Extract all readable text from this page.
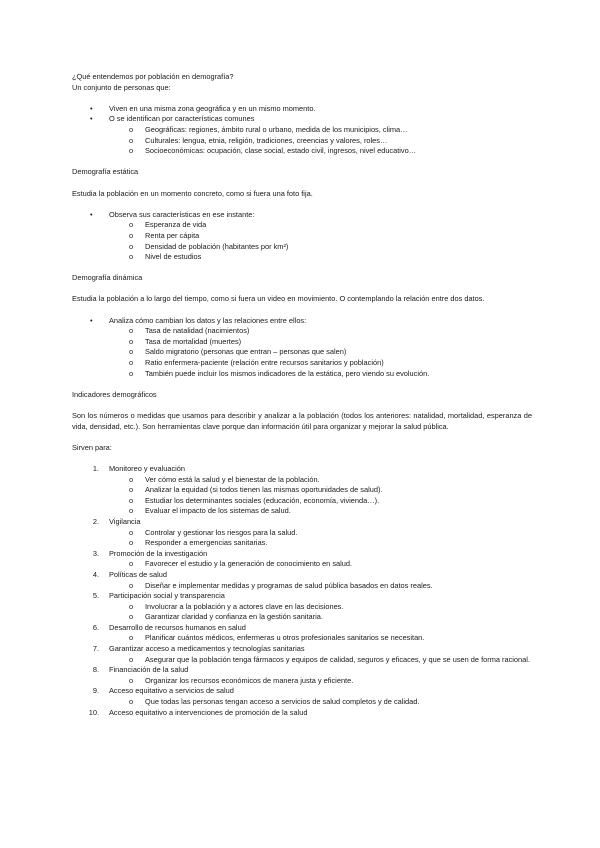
¿Qué entendemos por población en demografía?

Un conjunto de personas que:

•	Viven en una misma zona geográfica y en un mismo momento.
•	O se identifican por características comunes
o Geográficas: regiones, ámbito rural o urbano, medida de los municipios, clima…
o Culturales: lengua, etnia, religión, tradiciones, creencias y valores, roles…
o Socioeconómicas: ocupación, clase social, estado civil, ingresos, nivel educativo…

Demografía estática

Estudia la población en un momento concreto, como si fuera una foto fija.

•	Observa sus características en ese instante:
o Esperanza de vida
o Renta per cápita
o Densidad de población (habitantes por km²)
o Nivel de estudios

Demografía dinámica

Estudia la población a lo largo del tiempo, como si fuera un video en movimiento. O contemplando la relación entre dos datos.

•	Analiza cómo cambian los datos y las relaciones entre ellos:
o Tasa de natalidad (nacimientos)
o Tasa de mortalidad (muertes)
o Saldo migratorio (personas que entran – personas que salen)
o Ratio enfermera-paciente (relación entre recursos sanitarios y población)
o También puede incluir los mismos indicadores de la estática, pero viendo su evolución.

Indicadores demográficos

Son los números o medidas que usamos para describir y analizar a la población (todos los anteriores: natalidad, mortalidad, esperanza de vida, densidad, etc.). Son herramientas clave porque dan información útil para organizar y mejorar la salud pública.

Sirven para:

1. Monitoreo y evaluación
o Ver cómo está la salud y el bienestar de la población.
o Analizar la equidad (si todos tienen las mismas oportunidades de salud).
o Estudiar los determinantes sociales (educación, economía, vivienda…).
o Evaluar el impacto de los sistemas de salud.
2. Vigilancia
o Controlar y gestionar los riesgos para la salud.
o Responder a emergencias sanitarias.
3. Promoción de la investigación
o Favorecer el estudio y la generación de conocimiento en salud.
4. Políticas de salud
o Diseñar e implementar medidas y programas de salud pública basados en datos reales.
5. Participación social y transparencia
o Involucrar a la población y a actores clave en las decisiones.
o Garantizar claridad y confianza en la gestión sanitaria.
6. Desarrollo de recursos humanos en salud
o Planificar cuántos médicos, enfermeras u otros profesionales sanitarios se necesitan.
7. Garantizar acceso a medicamentos y tecnologías sanitarias
o Asegurar que la población tenga fármacos y equipos de calidad, seguros y eficaces, y que se usen de forma racional.
8. Financiación de la salud
o Organizar los recursos económicos de manera justa y eficiente.
9. Acceso equitativo a servicios de salud
o Que todas las personas tengan acceso a servicios de salud completos y de calidad.
10. Acceso equitativo a intervenciones de promoción de la salud
